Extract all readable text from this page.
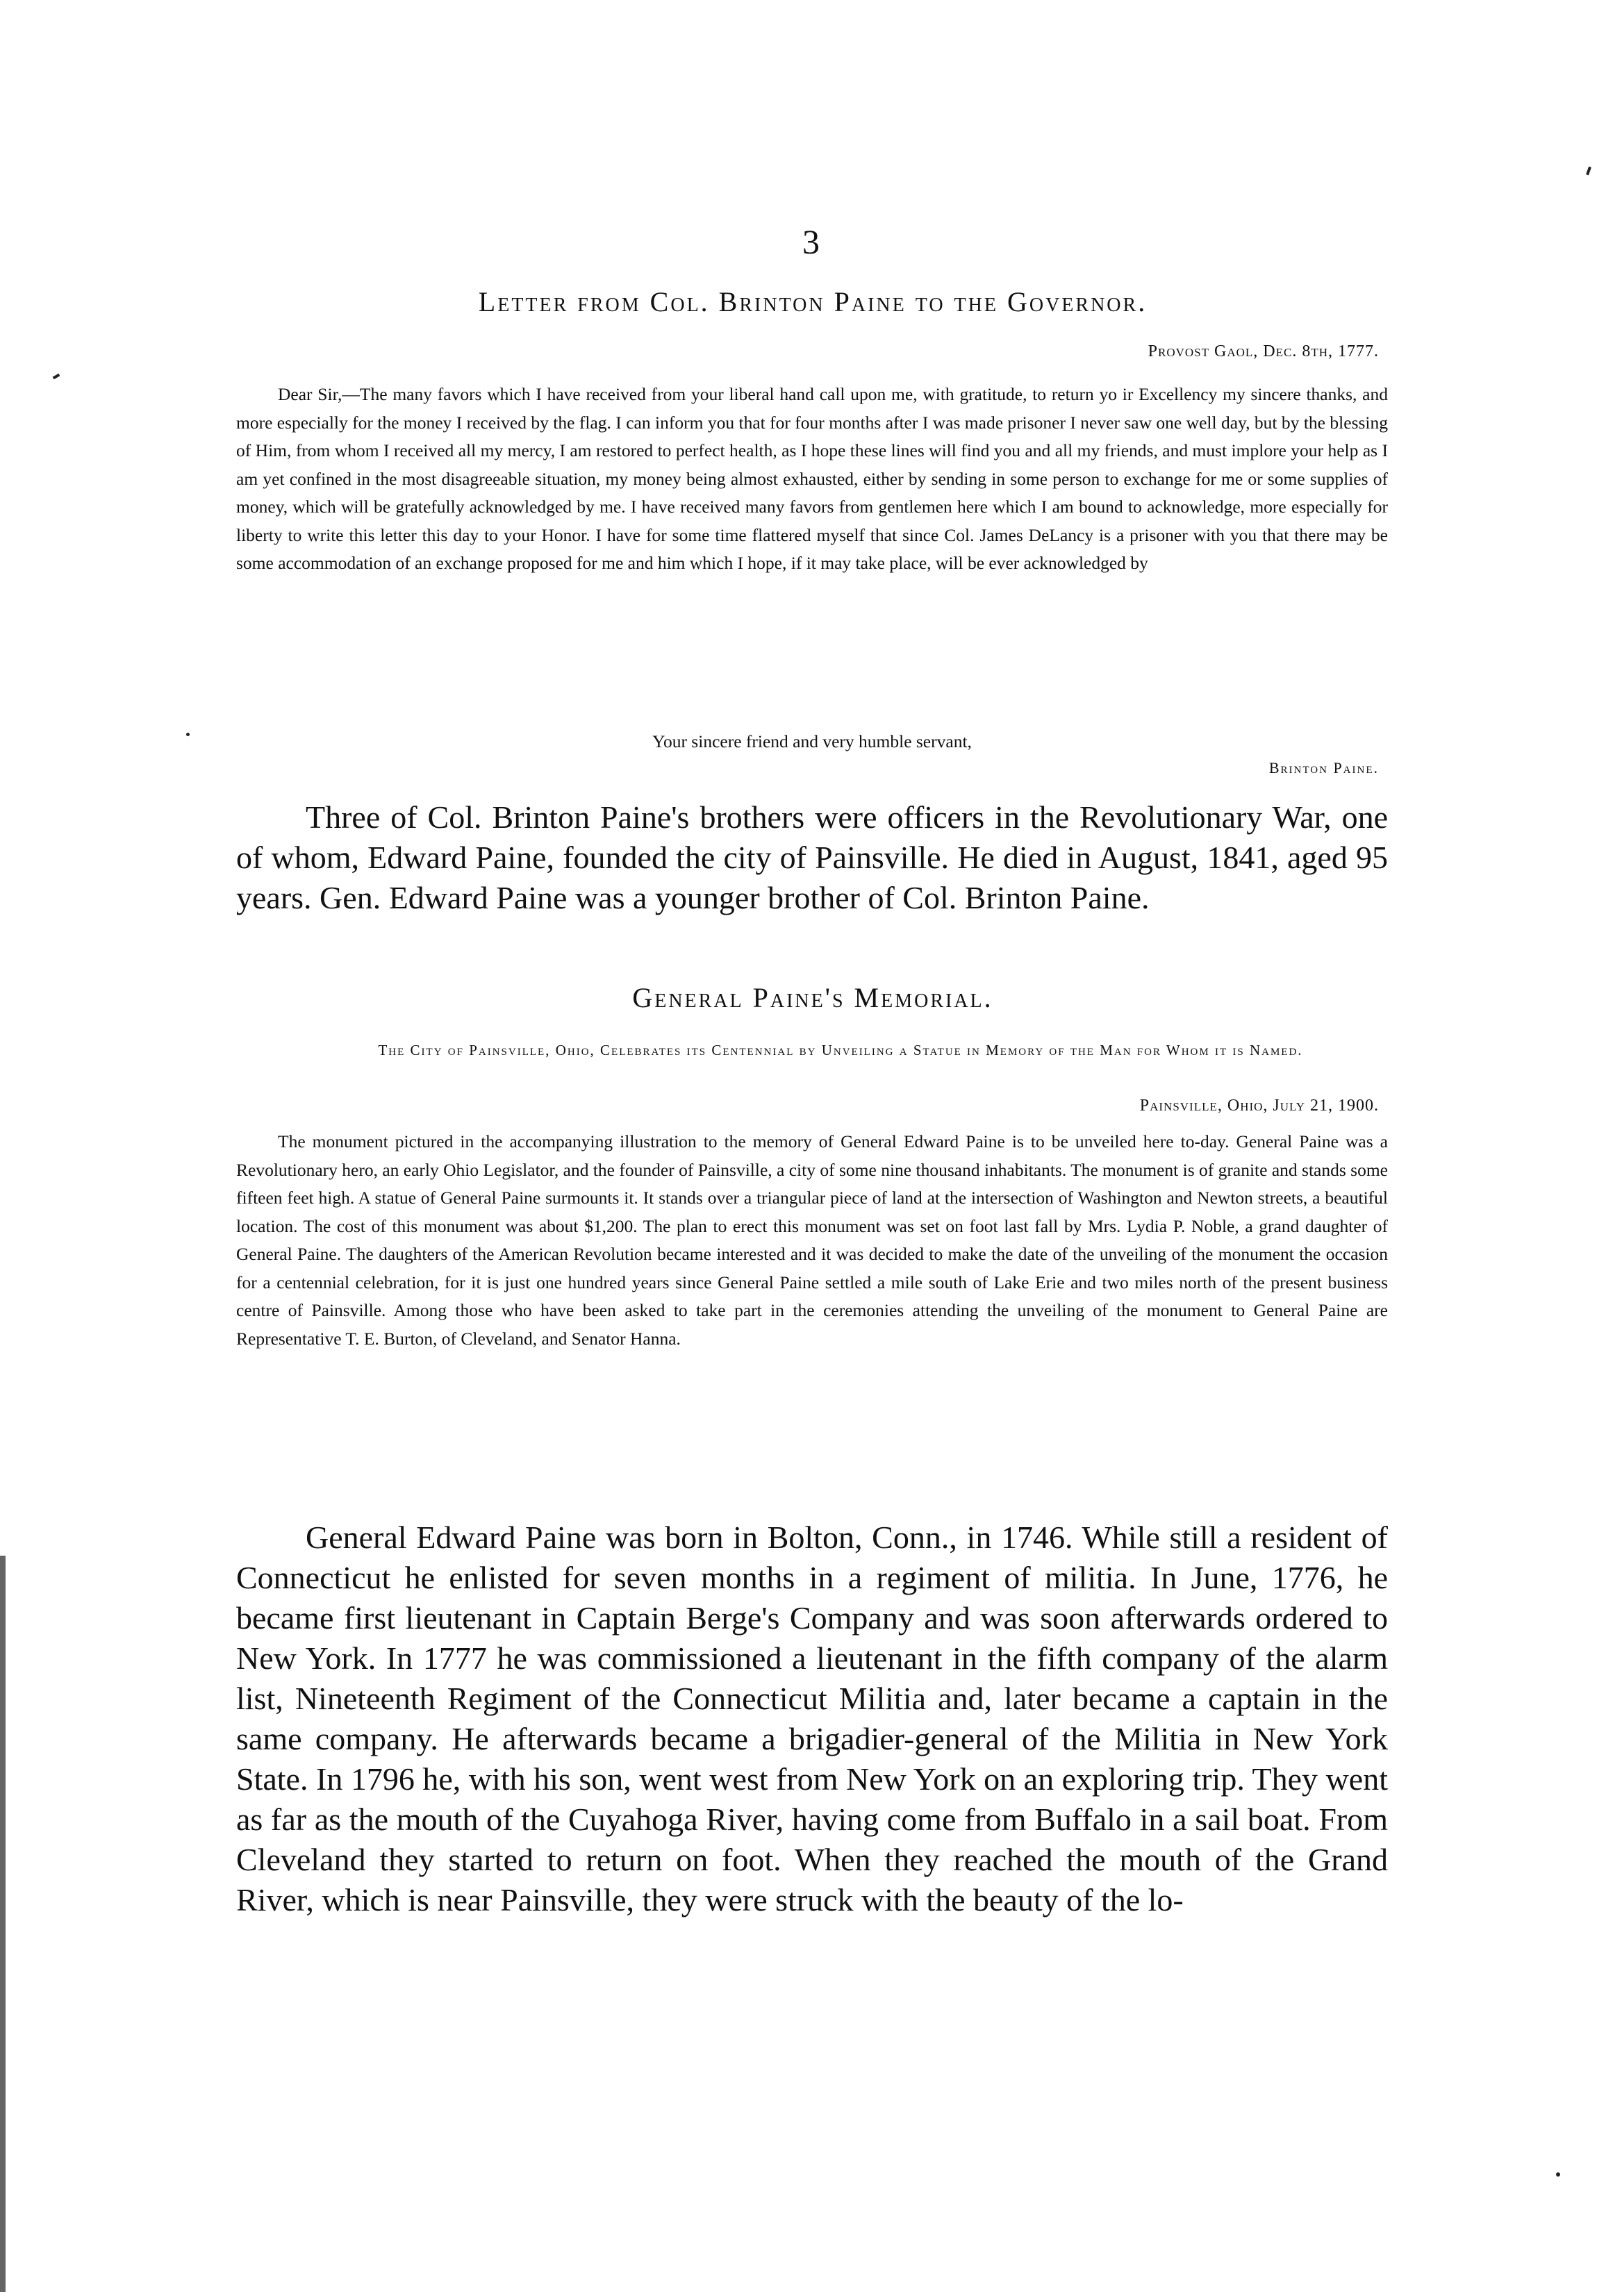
3
Letter from Col. Brinton Paine to the Governor.
Provost Gaol, Dec. 8th, 1777.

Dear Sir,—The many favors which I have received from your liberal hand call upon me, with gratitude, to return yo ir Excellency my sincere thanks, and more especially for the money I received by the flag. I can inform you that for four months after I was made prisoner I never saw one well day, but by the blessing of Him, from whom I received all my mercy, I am restored to perfect health, as I hope these lines will find you and all my friends, and must implore your help as I am yet confined in the most disagreeable situation, my money being almost exhausted, either by sending in some person to exchange for me or some supplies of money, which will be gratefully acknowledged by me. I have received many favors from gentlemen here which I am bound to acknowledge, more especially for liberty to write this letter this day to your Honor. I have for some time flattered myself that since Col. James DeLancy is a prisoner with you that there may be some accommodation of an exchange proposed for me and him which I hope, if it may take place, will be ever acknowledged by

Your sincere friend and very humble servant,
Brinton Paine.

Three of Col. Brinton Paine's brothers were officers in the Revolutionary War, one of whom, Edward Paine, founded the city of Painsville. He died in August, 1841, aged 95 years. Gen. Edward Paine was a younger brother of Col. Brinton Paine.

General Paine's Memorial.
The City of Painsville, Ohio, Celebrates its Centennial by Unveiling a Statue in Memory of the Man for Whom it is Named.
Painsville, Ohio, July 21, 1900.

The monument pictured in the accompanying illustration to the memory of General Edward Paine is to be unveiled here to-day. General Paine was a Revolutionary hero, an early Ohio Legislator, and the founder of Painsville, a city of some nine thousand inhabitants. The monument is of granite and stands some fifteen feet high. A statue of General Paine surmounts it. It stands over a triangular piece of land at the intersection of Washington and Newton streets, a beautiful location. The cost of this monument was about $1,200. The plan to erect this monument was set on foot last fall by Mrs. Lydia P. Noble, a grand daughter of General Paine. The daughters of the American Revolution became interested and it was decided to make the date of the unveiling of the monument the occasion for a centennial celebration, for it is just one hundred years since General Paine settled a mile south of Lake Erie and two miles north of the present business centre of Painsville. Among those who have been asked to take part in the ceremonies attending the unveiling of the monument to General Paine are Representative T. E. Burton, of Cleveland, and Senator Hanna.

General Edward Paine was born in Bolton, Conn., in 1746. While still a resident of Connecticut he enlisted for seven months in a regiment of militia. In June, 1776, he became first lieutenant in Captain Berge's Company and was soon afterwards ordered to New York. In 1777 he was commissioned a lieutenant in the fifth company of the alarm list, Nineteenth Regiment of the Connecticut Militia and, later became a captain in the same company. He afterwards became a brigadier-general of the Militia in New York State. In 1796 he, with his son, went west from New York on an exploring trip. They went as far as the mouth of the Cuyahoga River, having come from Buffalo in a sail boat. From Cleveland they started to return on foot. When they reached the mouth of the Grand River, which is near Painsville, they were struck with the beauty of the lo-
